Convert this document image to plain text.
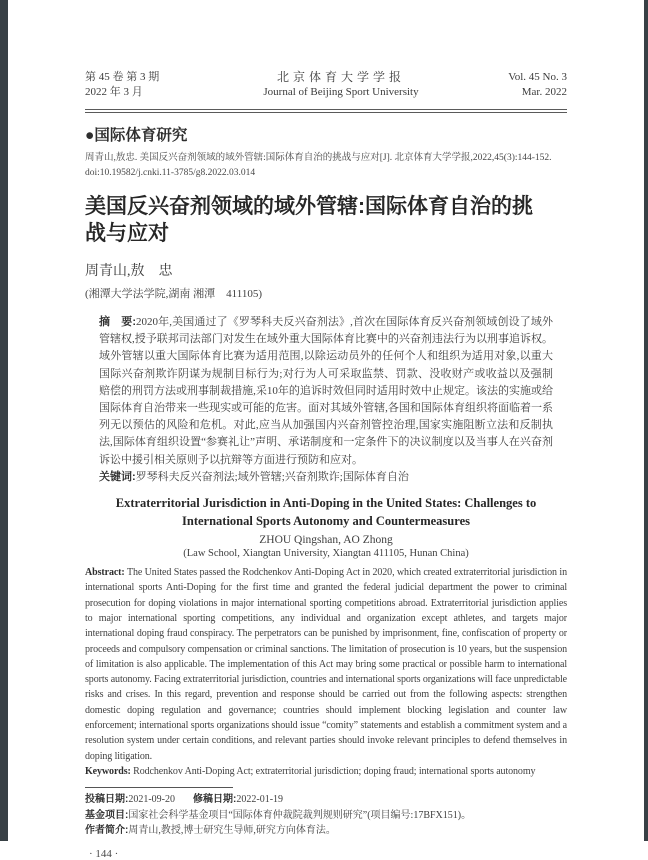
第 45 卷 第 3 期
2022 年 3 月
北京体育大学学报
Journal of Beijing Sport University
Vol. 45 No. 3
Mar. 2022
●国际体育研究
周青山,敖忠. 美国反兴奋剂领域的域外管辖:国际体育自治的挑战与应对[J]. 北京体育大学学报,2022,45(3):144-152.
doi:10.19582/j.cnki.11-3785/g8.2022.03.014
美国反兴奋剂领域的域外管辖:国际体育自治的挑战与应对
周青山,敖　忠
(湘潭大学法学院,湖南 湘潭　411105)

摘　要:2020年,美国通过了《罗琴科夫反兴奋剂法》,首次在国际体育反兴奋剂领域创设了域外管辖权,授予联邦司法部门对发生在域外重大国际体育比赛中的兴奋剂违法行为以刑事追诉权。域外管辖以重大国际体育比赛为适用范围,以除运动员外的任何个人和组织为适用对象,以重大国际兴奋剂欺诈阴谋为规制目标行为;对行为人可采取监禁、罚款、没收财产或收益以及强制赔偿的刑罚方法或刑事制裁措施,采10年的追诉时效但同时适用时效中止规定。该法的实施或给国际体育自治带来一些现实或可能的危害。面对其域外管辖,各国和国际体育组织将面临着一系列无以预估的风险和危机。对此,应当从加强国内兴奋剂管控治理,国家实施阻断立法和反制执法,国际体育组织设置“参赛礼让”声明、承诺制度和一定条件下的决议制度以及当事人在兴奋剂诉讼中援引相关原则予以抗辩等方面进行预防和应对。

关键词:罗琴科夫反兴奋剂法;域外管辖;兴奋剂欺诈;国际体育自治

Extraterritorial Jurisdiction in Anti-Doping in the United States: Challenges to International Sports Autonomy and Countermeasures
ZHOU Qingshan, AO Zhong
(Law School, Xiangtan University, Xiangtan 411105, Hunan China)

Abstract: The United States passed the Rodchenkov Anti-Doping Act in 2020, which created extraterritorial jurisdiction in international sports Anti-Doping for the first time and granted the federal judicial department the power to criminal prosecution for doping violations in major international sporting competitions abroad. Extraterritorial jurisdiction applies to major international sporting competitions, any individual and organization except athletes, and targets major international doping fraud conspiracy. The perpetrators can be punished by imprisonment, fine, confiscation of property or proceeds and compulsory compensation or criminal sanctions. The limitation of prosecution is 10 years, but the suspension of limitation is also applicable. The implementation of this Act may bring some practical or possible harm to international sports autonomy. Facing extraterritorial jurisdiction, countries and international sports organizations will face unpredictable risks and crises. In this regard, prevention and response should be carried out from the following aspects: strengthen domestic doping regulation and governance; countries should implement blocking legislation and counter law enforcement; international sports organizations should issue “comity” statements and establish a commitment system and a resolution system under certain conditions, and relevant parties should invoke relevant principles to defend themselves in doping litigation.

Keywords: Rodchenkov Anti-Doping Act; extraterritorial jurisdiction; doping fraud; international sports autonomy

投稿日期:2021-09-20 修稿日期:2022-01-19

基金项目:国家社会科学基金项目“国际体育仲裁院裁判规则研究”(项目编号:17BFX151)。

作者简介:周青山,教授,博士研究生导师,研究方向体育法。

· 144 ·
